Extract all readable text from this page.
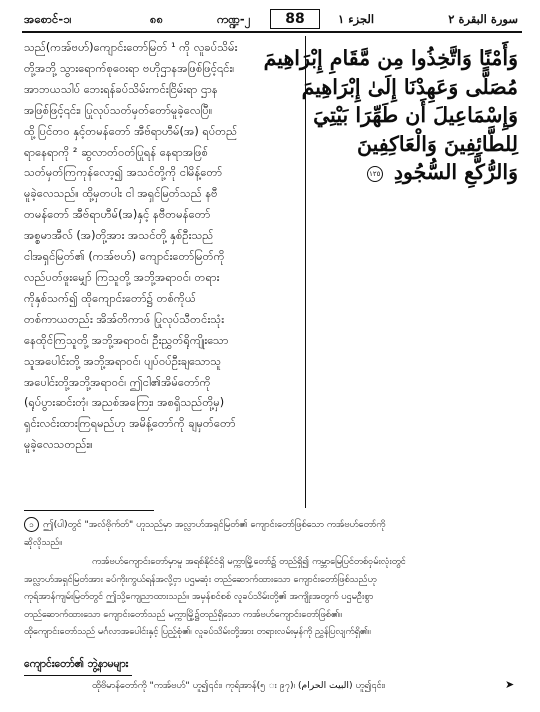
အစောင်-၁၊	၈၈	ကဏ္ဍ-၂	88	الجزء ١	سورة البقرة ٢
သည်(ကအ်ဗဟ်)ကျောင်းတော်မြတ် ¹ ကို လူခပ်သိမ်း
တို့အဘို့ သွားရောက်စုဝေးရာ ဗဟိုဌာနအဖြစ်ဖြင့်၎င်း၊
အာဘယသါပ် ဘေးရန်ခပ်သိမ်းကင်းငြိမ်းရာ ဌာန
အဖြစ်ဖြင့်၎င်း၊ ပြုလုပ်သတ်မှတ်တော်မူခဲ့လေပြီ။
ထို့ပြင်တဝ နှင့်တမန်တော် အီဗ်ရာဟီမ်(အ) ရပ်တည်
ရာနေရာကို ² ဆွလာတ်ဝတ်ပြုရန် နေရာအဖြစ်
သတ်မှတ်ကြကုန်လော့၍ အသင်တို့ကို ငါမိန့်တော်
မူခဲ့လေသည်။ ထို့မှတပါး ငါ အရှင်မြတ်သည် နဗီ
တမန်တော် အီဗ်ရာဟီမ်(အ)နှင့် နဗီတမန်တော်
အစ္စမာအီလ် (အ)တို့အား အသင်တို့ နှစ်ဦးသည်
ငါအရှင်မြတ်၏ (ကအ်ဗဟ်) ကျောင်းတော်မြတ်ကို
လည်ပတ်ဖူးမျှော် ကြသူတို့ အဘို့အရာဝင်၊ တရား
ကိုနှစ်သက်၍ ထိုကျောင်းတော်၌ တစ်ကိုယ်
တစ်ကာယတည်း အိအ်တိကာဖ် ပြုလုပ်သီတင်းသုံး
နေထိုင်ကြသူတို့ အဘို့အရာဝင်၊ ဦးညွှတ်ရိုကျိုးသော
သူအပေါင်းတို့ အဘို့အရာဝင်၊ ပျပ်ဝပ်ဦးချသောသူ
အပေါင်းတို့အဘို့အရာဝင်၊ ဤငါ၏အိမ်တော်ကို
(ရုပ်ပွားဆင်းတုံ၊ အညစ်အကြေး၊ အစရှိသည်တို့မှ)
ရှင်းလင်းထားကြရမည်ဟု အမိန့်တော်ကို ချမှတ်တော်
မူခဲ့လေသတည်း။
وَأَمْنًا وَاتَّخِذُوا مِن مَّقَامِ إِبْرَاهِيمَ
مُصَلًّى وَعَهِدْنَا إِلَىٰ إِبْرَاهِيمَ
وَإِسْمَاعِيلَ أَن طَهِّرَا بَيْتِيَ
لِلطَّائِفِينَ وَالْعَاكِفِينَ
وَالرُّكَّعِ السُّجُودِ ١٢٥
၁ ဤ(ပါ)တွင် "အလ်ဗိုက်တ်" ဟူသည်မှာ အလ္လာဟ်အရှင်မြတ်၏ ကျောင်းတော်ဖြစ်သော ကအ်ဗဟ်တော်ကို
ဆိုလိုသည်။
ကအ်ဗဟ်ကျောင်းတော်မှာမူ အရစ်နိုင်ငံရှိ မက္ကာမြို့တော်၌ တည်ရှိ၍ ကမ္ဘာမြေပြင်တစ်ဝှမ်းလုံးတွင်
အလ္လာဟ်အရှင်မြတ်အား ခပ်ကိုးကွယ်ရန်အလို့ငှာ ပဌမဆုံး တည်ဆောက်ထားသော ကျောင်းတော်ဖြစ်သည်ဟု
ကုရ်အာန်ကျမ်းမြတ်တွင် ဤသို့ကျေညာထားသည်။ အမှန်စင်စစ် လူခပ်သိမ်းတို့၏ အကျိုးအတွက် ပဌမဦးစွာ
တည်ဆောက်ထားသော ကျောင်းတော်သည် မက္ကာမြို့၌တည်ရှိသော ကအ်ဗဟ်ကျောင်းတော်ဖြစ်၏။
ထိုကျောင်းတော်သည် မင်္ဂလာအပေါင်းနှင့် ပြည့်စုံ၏၊ လူခပ်သိမ်းတို့အား တရားလမ်းမှန်ကို ညွှန်ပြလျက်ရှိ၏။
ကျောင်းတော်၏ ဘွဲ့နာမများ
ထိုဗိမာန်တော်ကို "ကအ်ဗဟ်" ဟူ၍၎င်း၊ ကုရ်အာန်(၅ း ၉၇)၊ (البيت الحرام) ဟူ၍၎င်း၊	➤
